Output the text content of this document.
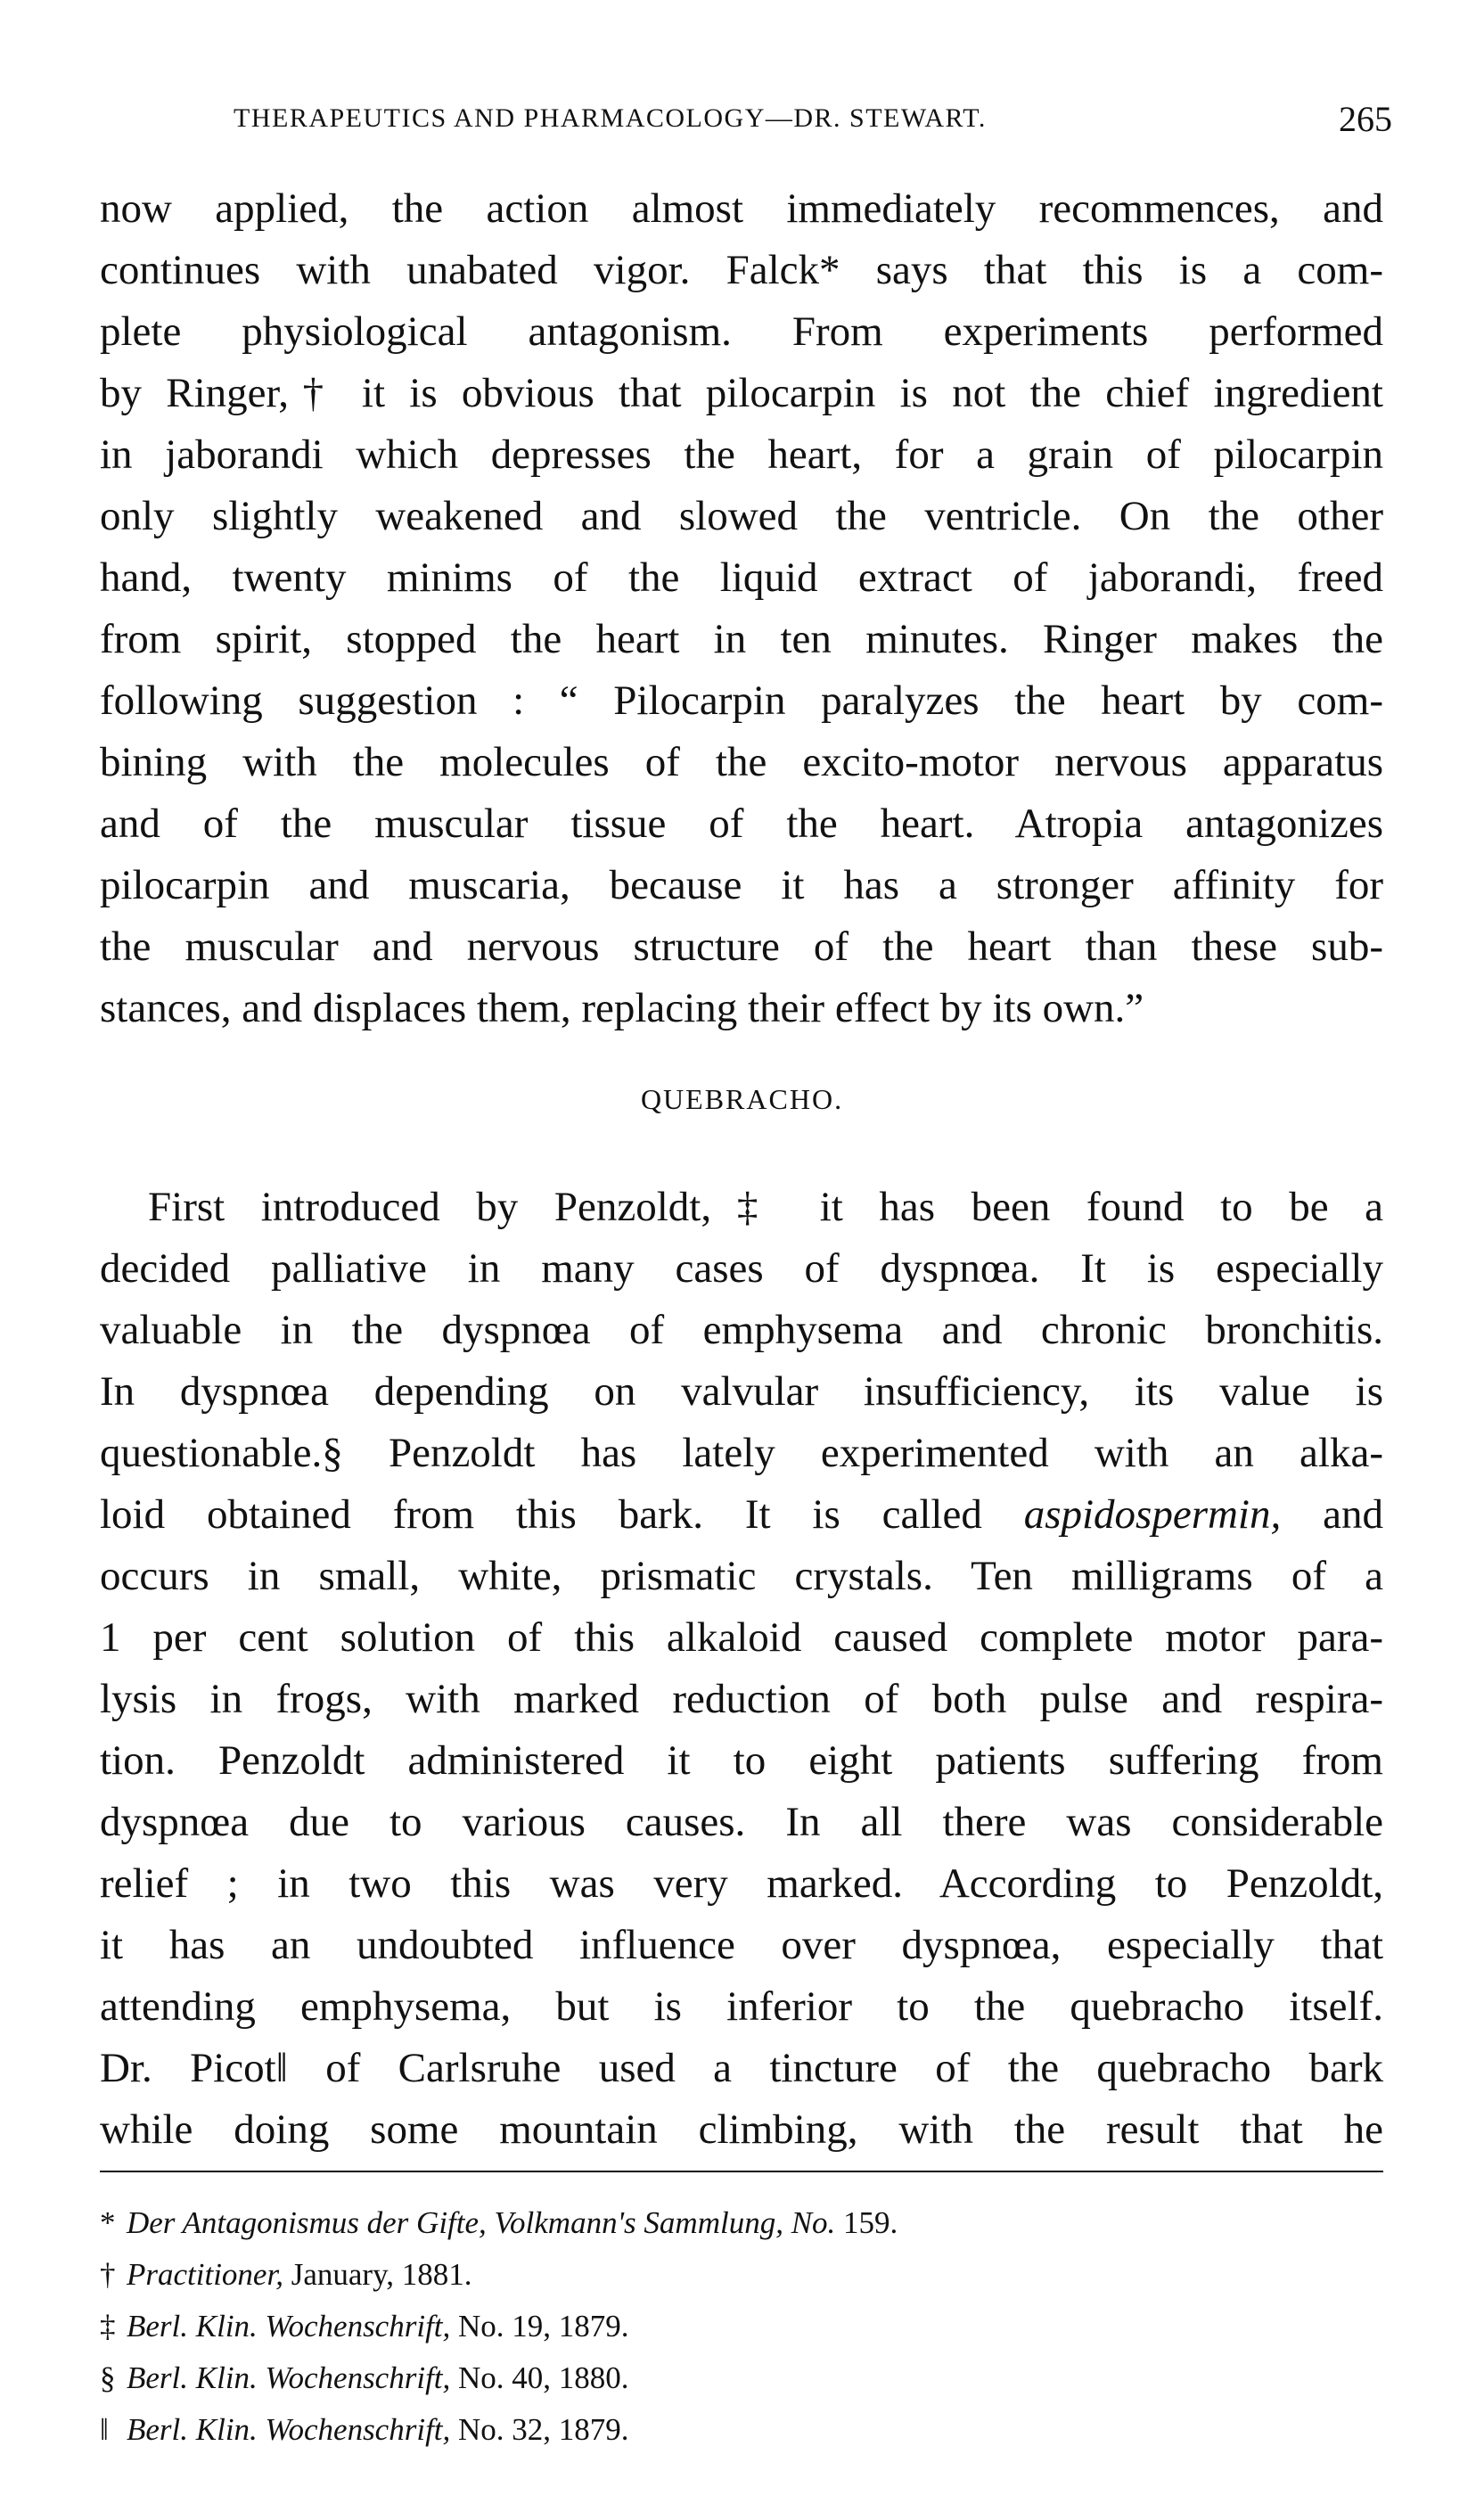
THERAPEUTICS AND PHARMACOLOGY—DR. STEWART.	265
now applied, the action almost immediately recommences, and
continues with unabated vigor. Falck* says that this is a com-
plete physiological antagonism. From experiments performed
by Ringer,† it is obvious that pilocarpin is not the chief ingredient
in jaborandi which depresses the heart, for a grain of pilocarpin
only slightly weakened and slowed the ventricle. On the other
hand, twenty minims of the liquid extract of jaborandi, freed
from spirit, stopped the heart in ten minutes. Ringer makes the
following suggestion : “ Pilocarpin paralyzes the heart by com-
bining with the molecules of the excito-motor nervous apparatus
and of the muscular tissue of the heart. Atropia antagonizes
pilocarpin and muscaria, because it has a stronger affinity for
the muscular and nervous structure of the heart than these sub-
stances, and displaces them, replacing their effect by its own.”
QUEBRACHO.
First introduced by Penzoldt,‡ it has been found to be a
decided palliative in many cases of dyspnœa. It is especially
valuable in the dyspnœa of emphysema and chronic bronchitis.
In dyspnœa depending on valvular insufficiency, its value is
questionable.§ Penzoldt has lately experimented with an alka-
loid obtained from this bark. It is called aspidospermin, and
occurs in small, white, prismatic crystals. Ten milligrams of a
1 per cent solution of this alkaloid caused complete motor para-
lysis in frogs, with marked reduction of both pulse and respira-
tion. Penzoldt administered it to eight patients suffering from
dyspnœa due to various causes. In all there was considerable
relief ; in two this was very marked. According to Penzoldt,
it has an undoubted influence over dyspnœa, especially that
attending emphysema, but is inferior to the quebracho itself.
Dr. Picot‖ of Carlsruhe used a tincture of the quebracho bark
while doing some mountain climbing, with the result that he
* Der Antagonismus der Gifte, Volkmann's Sammlung, No. 159.
† Practitioner, January, 1881.
‡ Berl. Klin. Wochenschrift, No. 19, 1879.
§ Berl. Klin. Wochenschrift, No. 40, 1880.
‖ Berl. Klin. Wochenschrift, No. 32, 1879.
